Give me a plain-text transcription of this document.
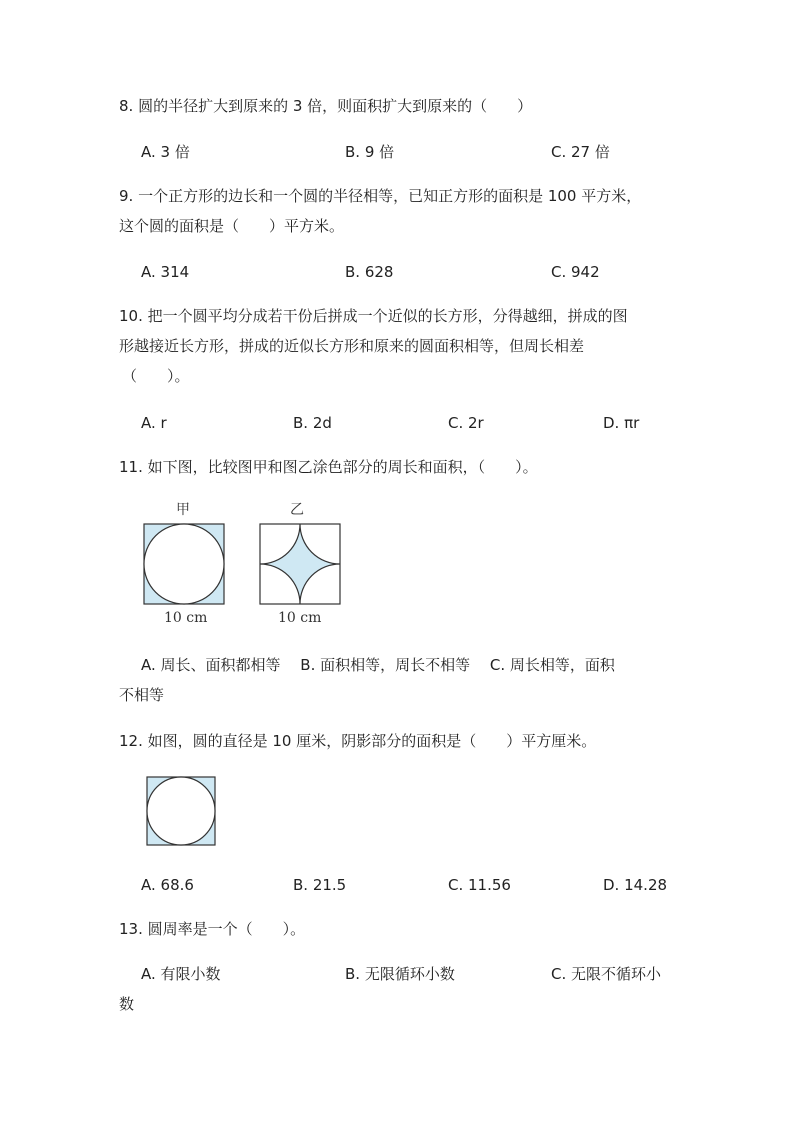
8. 圆的半径扩大到原来的 3 倍，则面积扩大到原来的（　　）
A. 3 倍	B. 9 倍	C. 27 倍
9. 一个正方形的边长和一个圆的半径相等，已知正方形的面积是 100 平方米，
这个圆的面积是（　　）平方米。
A. 314	B. 628	C. 942
10. 把一个圆平均分成若干份后拼成一个近似的长方形，分得越细，拼成的图
形越接近长方形，拼成的近似长方形和原来的圆面积相等，但周长相差
（　　）。
A. r	B. 2d	C. 2r	D. πr
11. 如下图，比较图甲和图乙涂色部分的周长和面积，（　　）。
甲
10 cm
乙
10 cm
A. 周长、面积都相等　 B. 面积相等，周长不相等　 C. 周长相等，面积
不相等
12. 如图，圆的直径是 10 厘米，阴影部分的面积是（　　）平方厘米。
A. 68.6	B. 21.5	C. 11.56	D. 14.28
13. 圆周率是一个（　　）。
A. 有限小数	B. 无限循环小数	C. 无限不循环小
数
